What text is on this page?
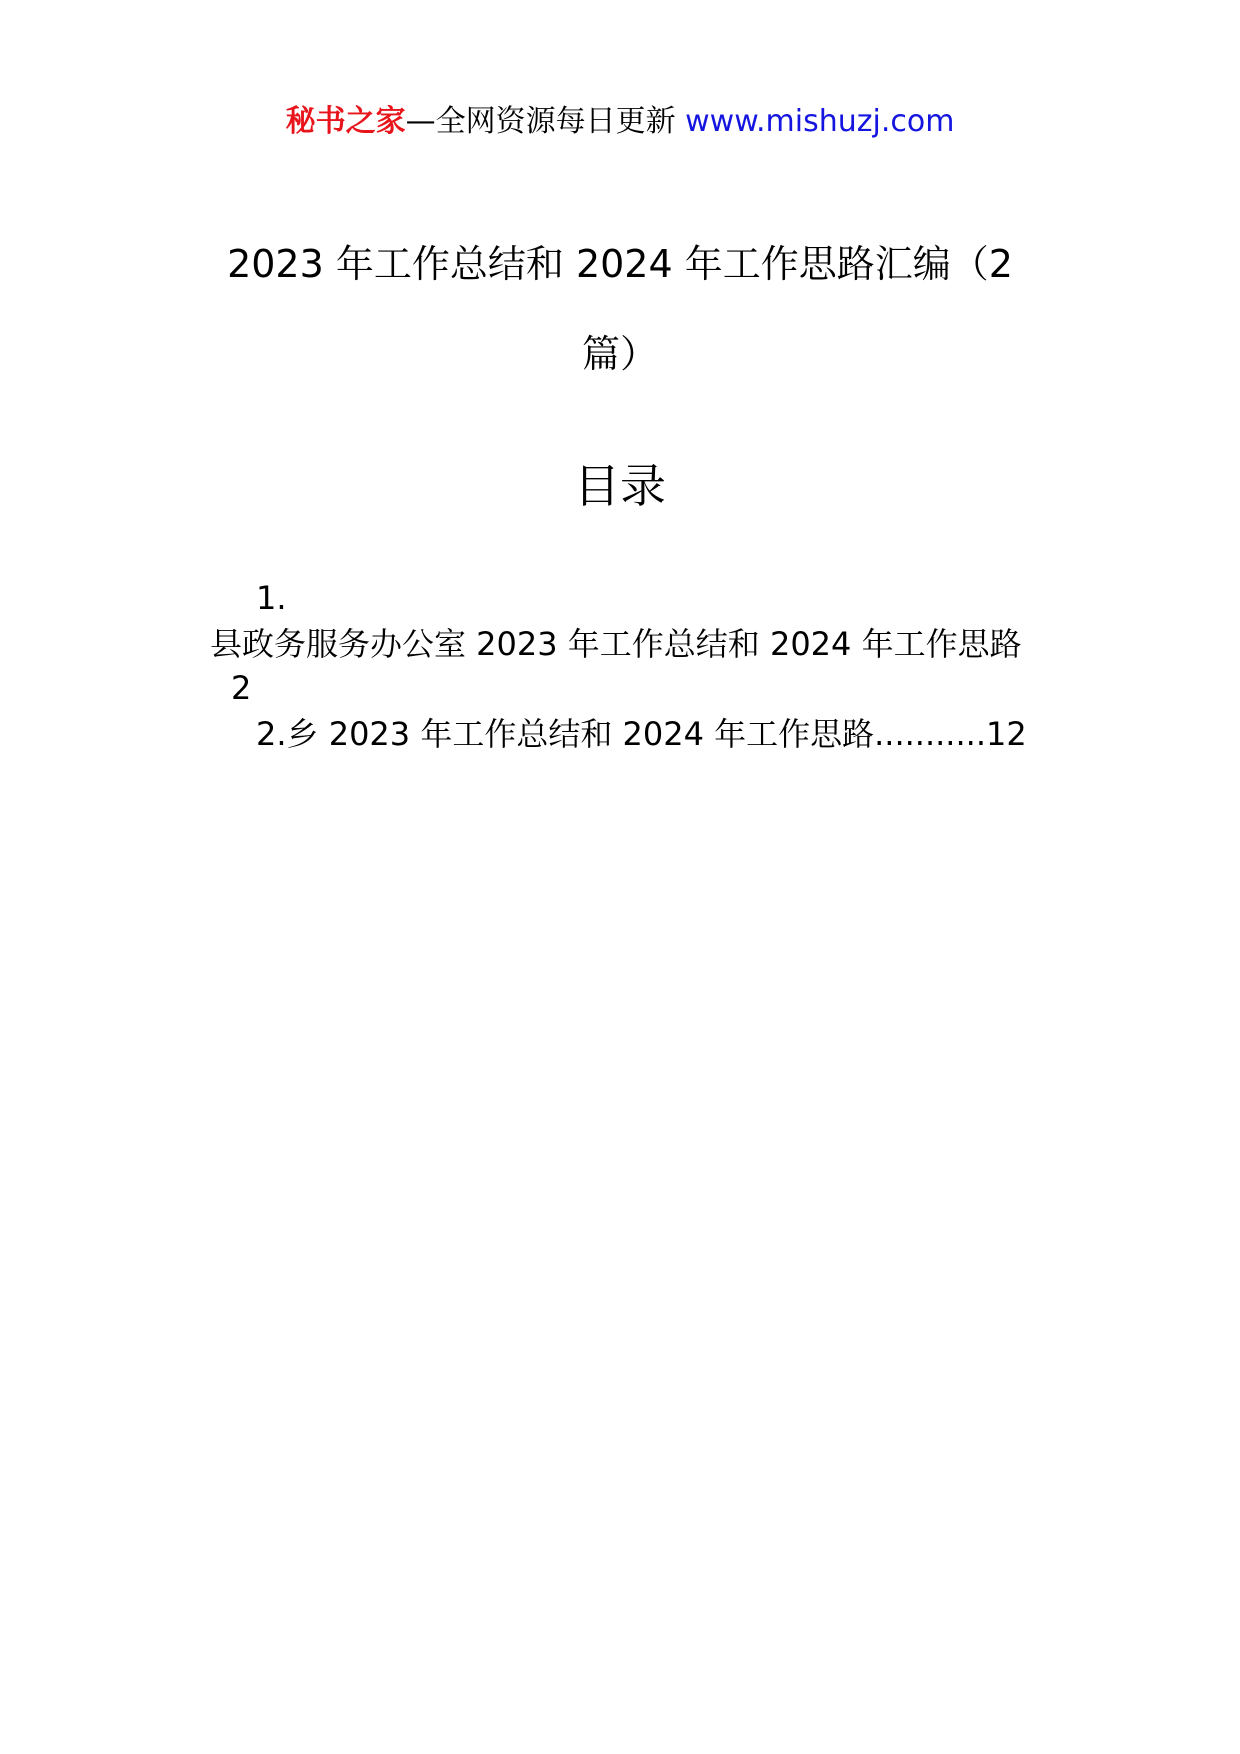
秘书之家—全网资源每日更新 www.mishuzj.com
2023 年工作总结和 2024 年工作思路汇编（2
篇）
目录
1.
县政务服务办公室 2023 年工作总结和 2024 年工作思路
2
2.乡 2023 年工作总结和 2024 年工作思路...........12
